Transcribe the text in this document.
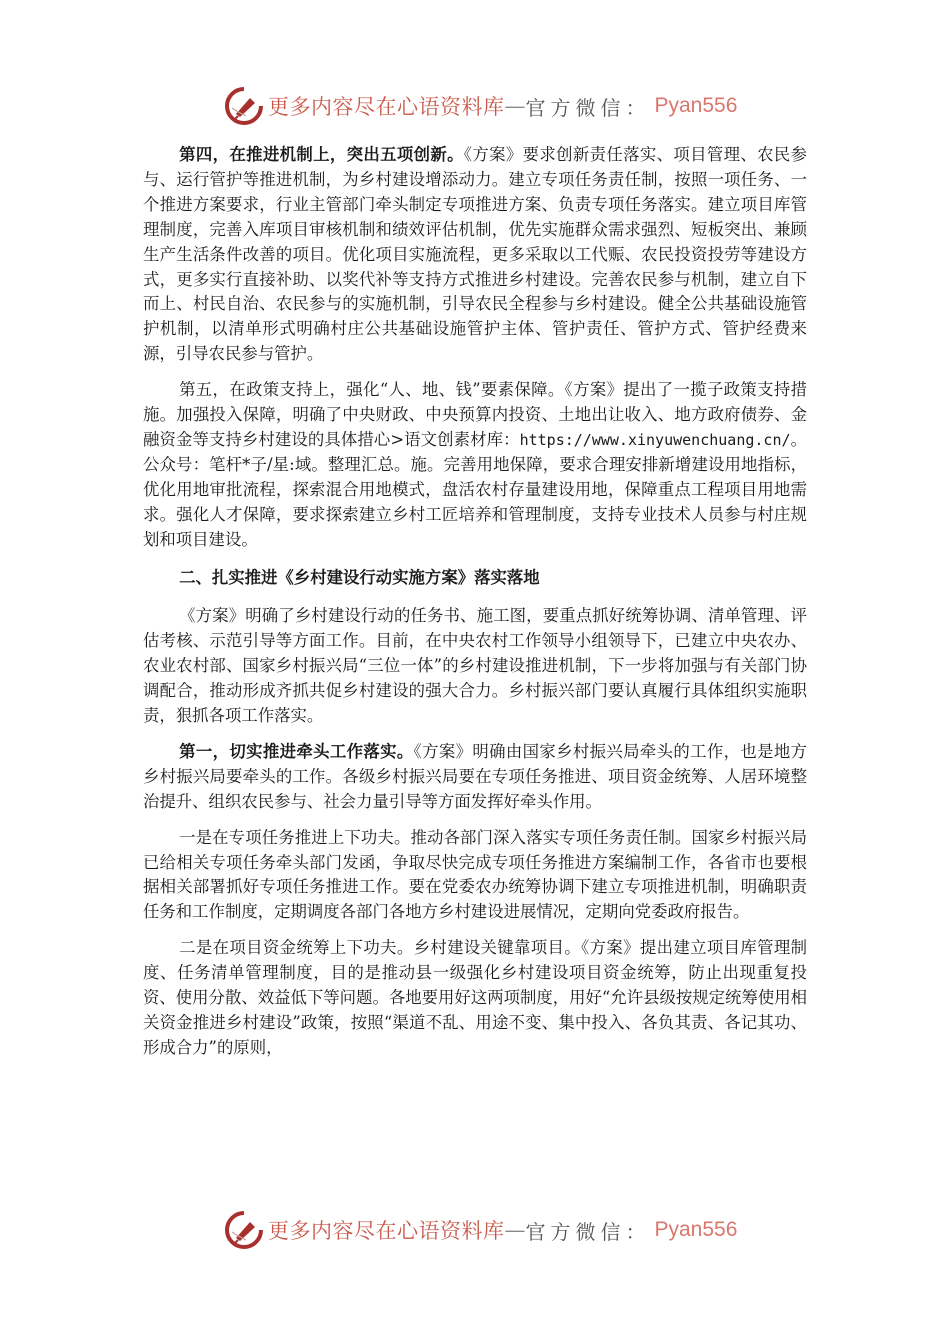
更多内容尽在心语资料库 — 官方微信： Pyan556

第四，在推进机制上，突出五项创新。《方案》要求创新责任落实、项目管理、农民参与、运行管护等推进机制，为乡村建设增添动力。建立专项任务责任制，按照一项任务、一个推进方案要求，行业主管部门牵头制定专项推进方案、负责专项任务落实。建立项目库管理制度，完善入库项目审核机制和绩效评估机制，优先实施群众需求强烈、短板突出、兼顾生产生活条件改善的项目。优化项目实施流程，更多采取以工代赈、农民投资投劳等建设方式，更多实行直接补助、以奖代补等支持方式推进乡村建设。完善农民参与机制，建立自下而上、村民自治、农民参与的实施机制，引导农民全程参与乡村建设。健全公共基础设施管护机制，以清单形式明确村庄公共基础设施管护主体、管护责任、管护方式、管护经费来源，引导农民参与管护。

第五，在政策支持上，强化“人、地、钱”要素保障。《方案》提出了一揽子政策支持措施。加强投入保障，明确了中央财政、中央预算内投资、土地出让收入、地方政府债券、金融资金等支持乡村建设的具体措心>语文创素材库：https://www.xinyuwenchuang.cn/。公众号：笔杆*子/星:域。整理汇总。施。完善用地保障，要求合理安排新增建设用地指标，优化用地审批流程，探索混合用地模式，盘活农村存量建设用地，保障重点工程项目用地需求。强化人才保障，要求探索建立乡村工匠培养和管理制度，支持专业技术人员参与村庄规划和项目建设。

二、扎实推进《乡村建设行动实施方案》落实落地

《方案》明确了乡村建设行动的任务书、施工图，要重点抓好统筹协调、清单管理、评估考核、示范引导等方面工作。目前，在中央农村工作领导小组领导下，已建立中央农办、农业农村部、国家乡村振兴局“三位一体”的乡村建设推进机制，下一步将加强与有关部门协调配合，推动形成齐抓共促乡村建设的强大合力。乡村振兴部门要认真履行具体组织实施职责，狠抓各项工作落实。

第一，切实推进牵头工作落实。《方案》明确由国家乡村振兴局牵头的工作，也是地方乡村振兴局要牵头的工作。各级乡村振兴局要在专项任务推进、项目资金统筹、人居环境整治提升、组织农民参与、社会力量引导等方面发挥好牵头作用。

一是在专项任务推进上下功夫。推动各部门深入落实专项任务责任制。国家乡村振兴局已给相关专项任务牵头部门发函，争取尽快完成专项任务推进方案编制工作，各省市也要根据相关部署抓好专项任务推进工作。要在党委农办统筹协调下建立专项推进机制，明确职责任务和工作制度，定期调度各部门各地方乡村建设进展情况，定期向党委政府报告。

二是在项目资金统筹上下功夫。乡村建设关键靠项目。《方案》提出建立项目库管理制度、任务清单管理制度，目的是推动县一级强化乡村建设项目资金统筹，防止出现重复投资、使用分散、效益低下等问题。各地要用好这两项制度，用好“允许县级按规定统筹使用相关资金推进乡村建设”政策，按照“渠道不乱、用途不变、集中投入、各负其责、各记其功、形成合力”的原则，

更多内容尽在心语资料库 — 官方微信： Pyan556
